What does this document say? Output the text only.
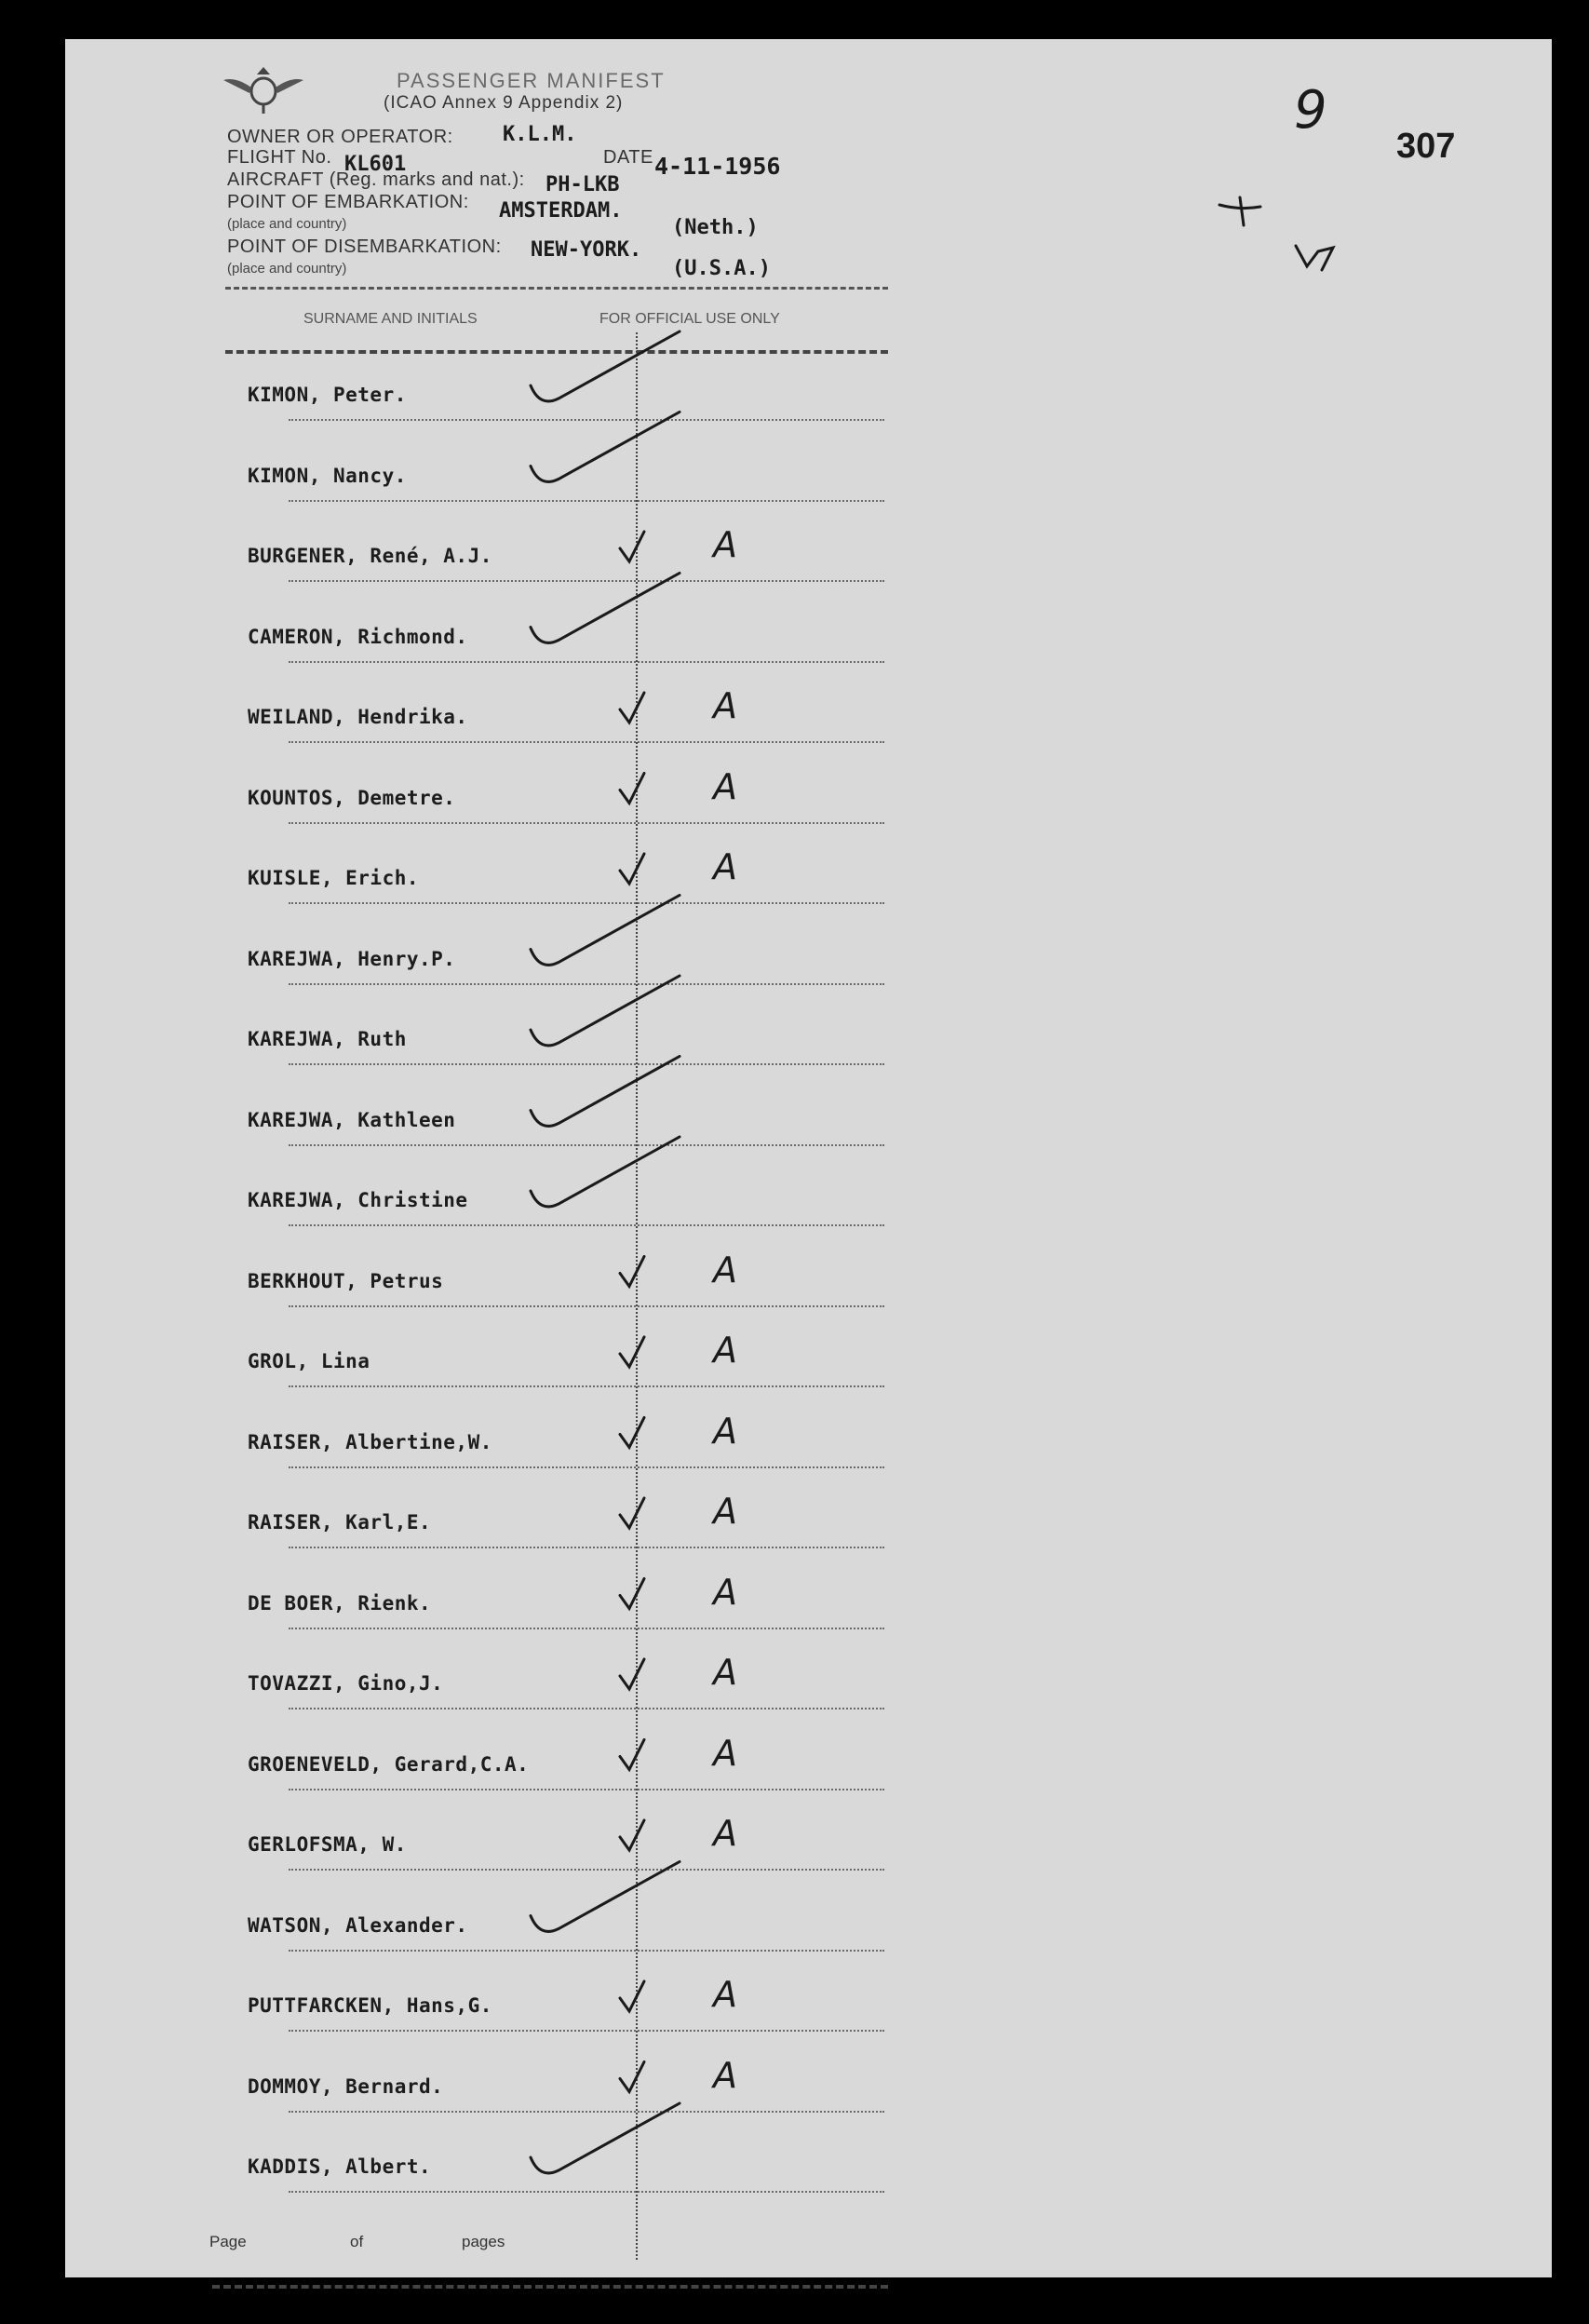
PASSENGER MANIFEST
(ICAO Annex 9 Appendix 2)
307
9
OWNER OR OPERATOR: K.L.M.
FLIGHT No. KL601	DATE 4-11-1956
AIRCRAFT (Reg. marks and nat.): PH-LKB
POINT OF EMBARKATION:
(place and country)
AMSTERDAM.
(Neth.)
POINT OF DISEMBARKATION:
(place and country)
NEW-YORK.
(U.S.A.)
SURNAME AND INITIALS	FOR OFFICIAL USE ONLY
KIMON, Peter.
KIMON, Nancy.
BURGENER, René, A.J.	A
CAMERON, Richmond.
WEILAND, Hendrika.	A
KOUNTOS, Demetre.	A
KUISLE, Erich.	A
KAREJWA, Henry.P.
KAREJWA, Ruth
KAREJWA, Kathleen
KAREJWA, Christine
BERKHOUT, Petrus	A
GROL, Lina	A
RAISER, Albertine,W.	A
RAISER, Karl,E.	A
DE BOER, Rienk.	A
TOVAZZI, Gino,J.	A
GROENEVELD, Gerard,C.A.	A
GERLOFSMA, W.	A
WATSON, Alexander.
PUTTFARCKEN, Hans,G.	A
DOMMOY, Bernard.	A
KADDIS, Albert.
Page	of	pages
